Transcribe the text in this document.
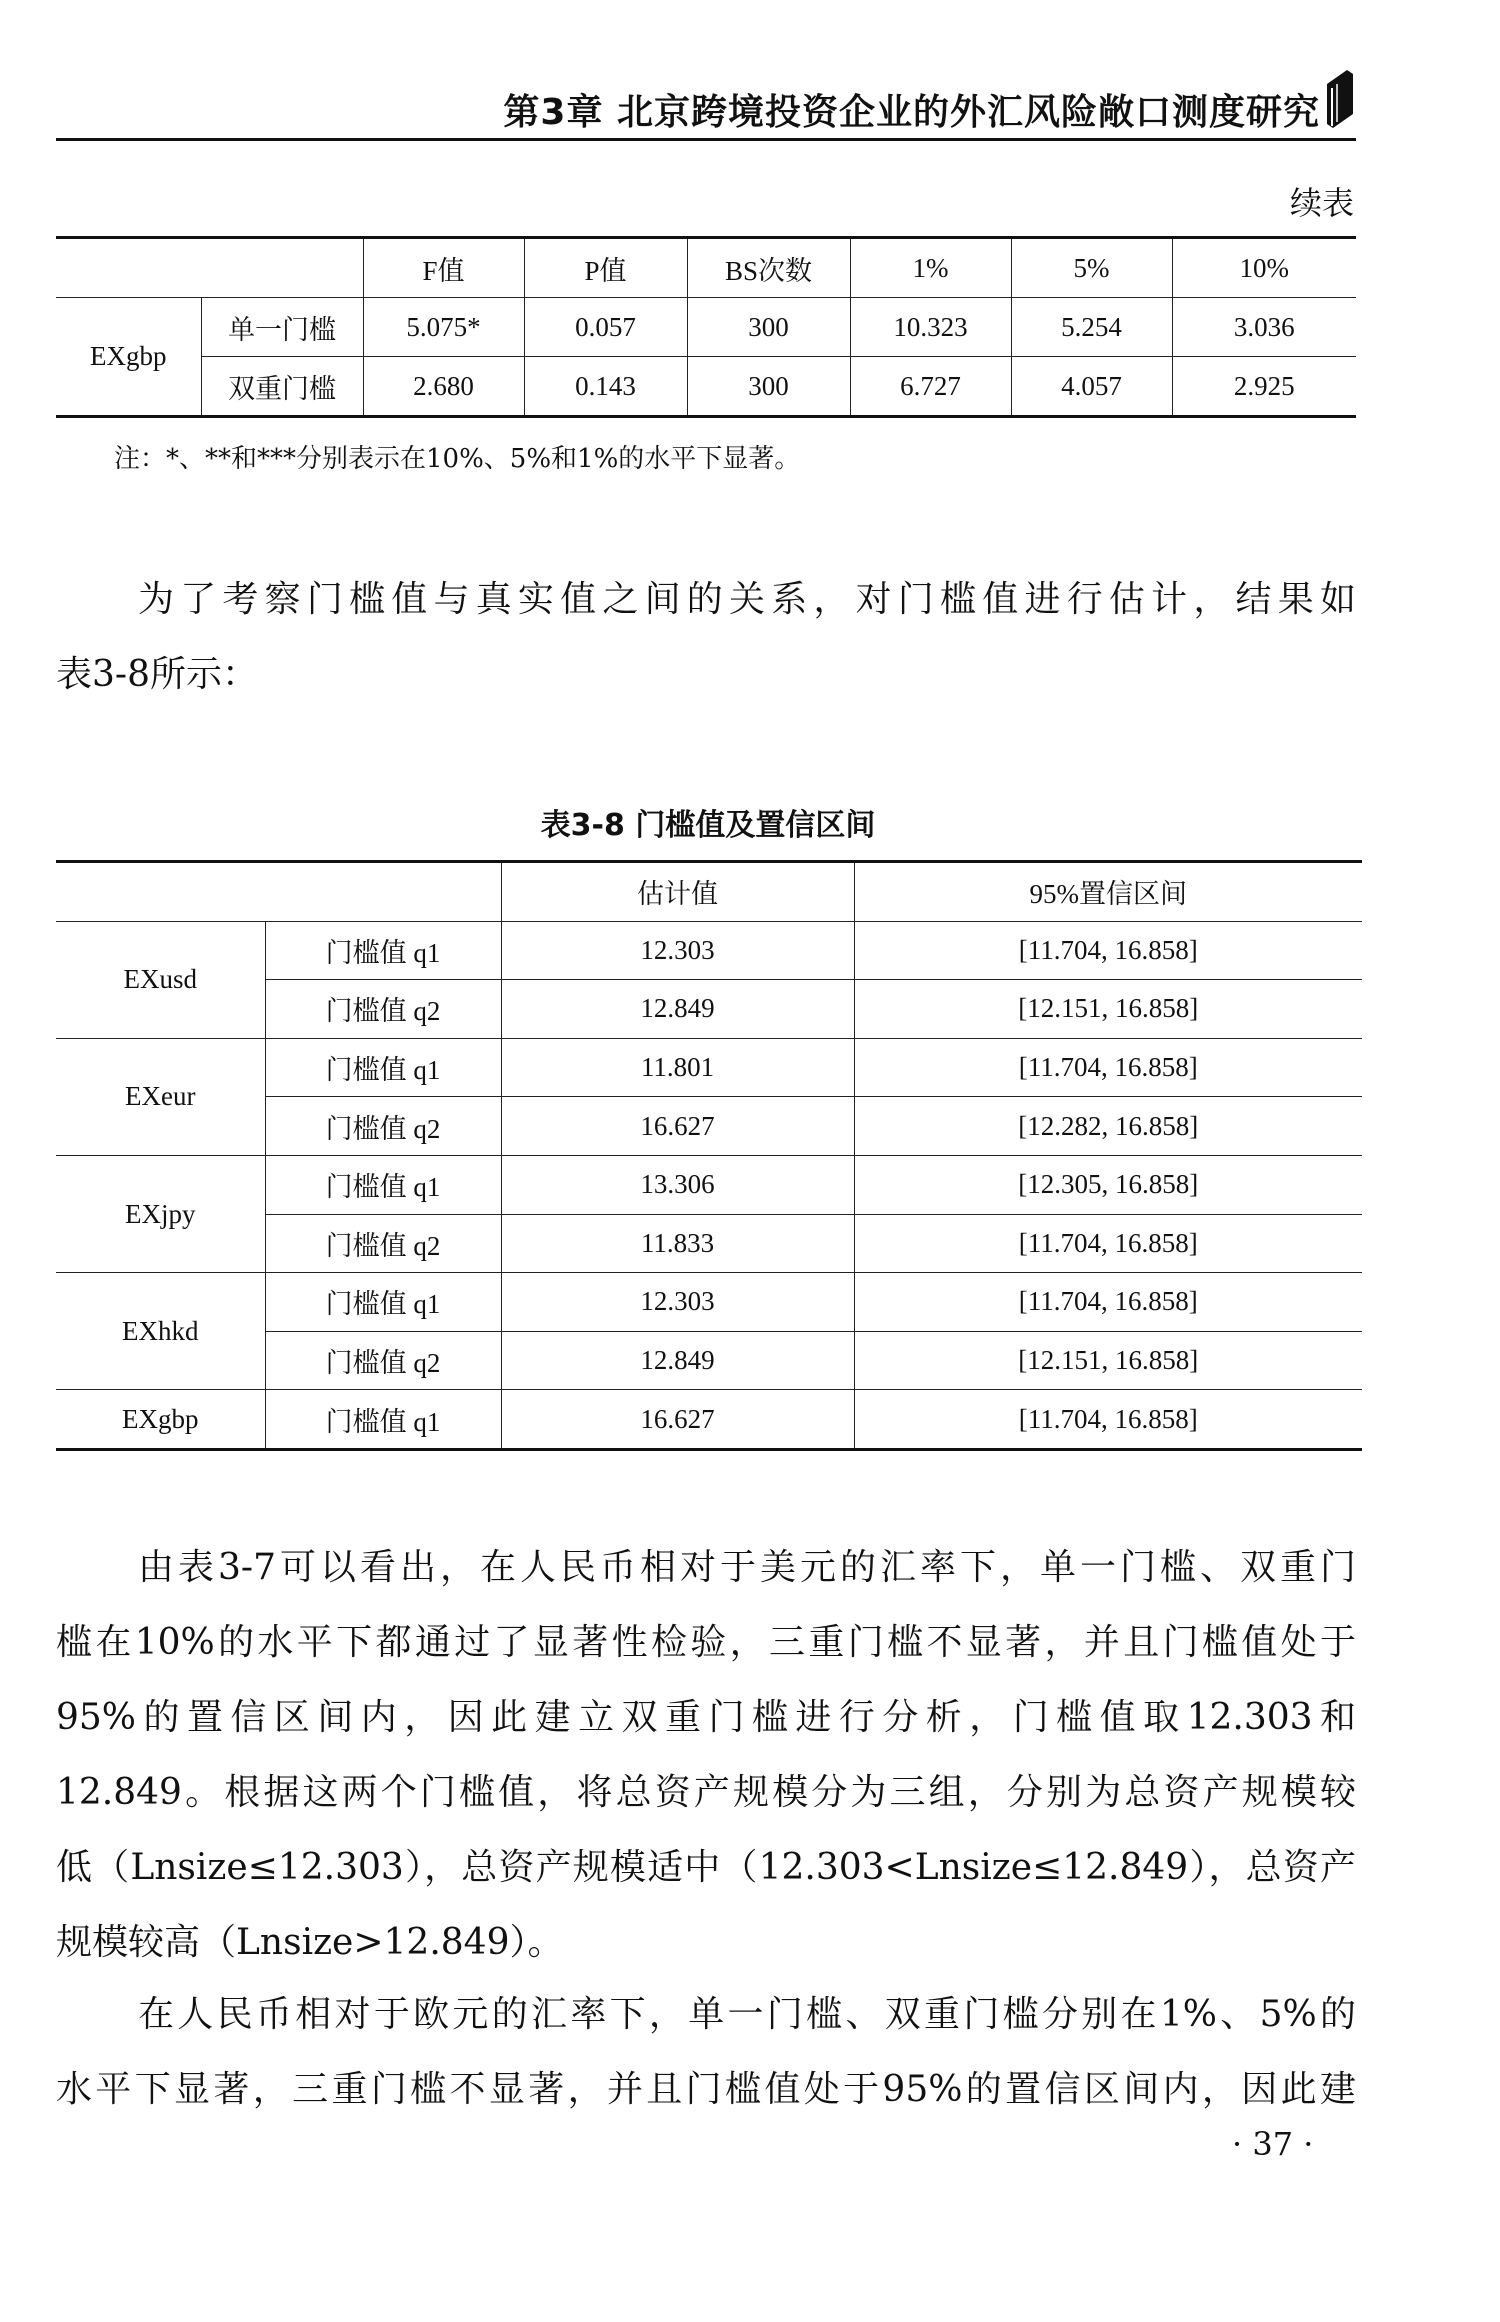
第3章 北京跨境投资企业的外汇风险敞口测度研究
续表
		F值	P值	BS次数	1%	5%	10%
EXgbp	单一门槛	5.075*	0.057	300	10.323	5.254	3.036
	双重门槛	2.680	0.143	300	6.727	4.057	2.925
注：*、**和***分别表示在10%、5%和1%的水平下显著。
为了考察门槛值与真实值之间的关系，对门槛值进行估计，结果如
表3-8所示：
表3-8 门槛值及置信区间
		估计值	95%置信区间
EXusd	门槛值 q1	12.303	[11.704, 16.858]
	门槛值 q2	12.849	[12.151, 16.858]
EXeur	门槛值 q1	11.801	[11.704, 16.858]
	门槛值 q2	16.627	[12.282, 16.858]
EXjpy	门槛值 q1	13.306	[12.305, 16.858]
	门槛值 q2	11.833	[11.704, 16.858]
EXhkd	门槛值 q1	12.303	[11.704, 16.858]
	门槛值 q2	12.849	[12.151, 16.858]
EXgbp	门槛值 q1	16.627	[11.704, 16.858]
由表3-7可以看出，在人民币相对于美元的汇率下，单一门槛、双重门
槛在10%的水平下都通过了显著性检验，三重门槛不显著，并且门槛值处于
95%的置信区间内，因此建立双重门槛进行分析，门槛值取12.303和
12.849。根据这两个门槛值，将总资产规模分为三组，分别为总资产规模较
低（Lnsize≤12.303），总资产规模适中（12.303<Lnsize≤12.849），总资产
规模较高（Lnsize>12.849）。
在人民币相对于欧元的汇率下，单一门槛、双重门槛分别在1%、5%的
水平下显著，三重门槛不显著，并且门槛值处于95%的置信区间内，因此建
· 37 ·
